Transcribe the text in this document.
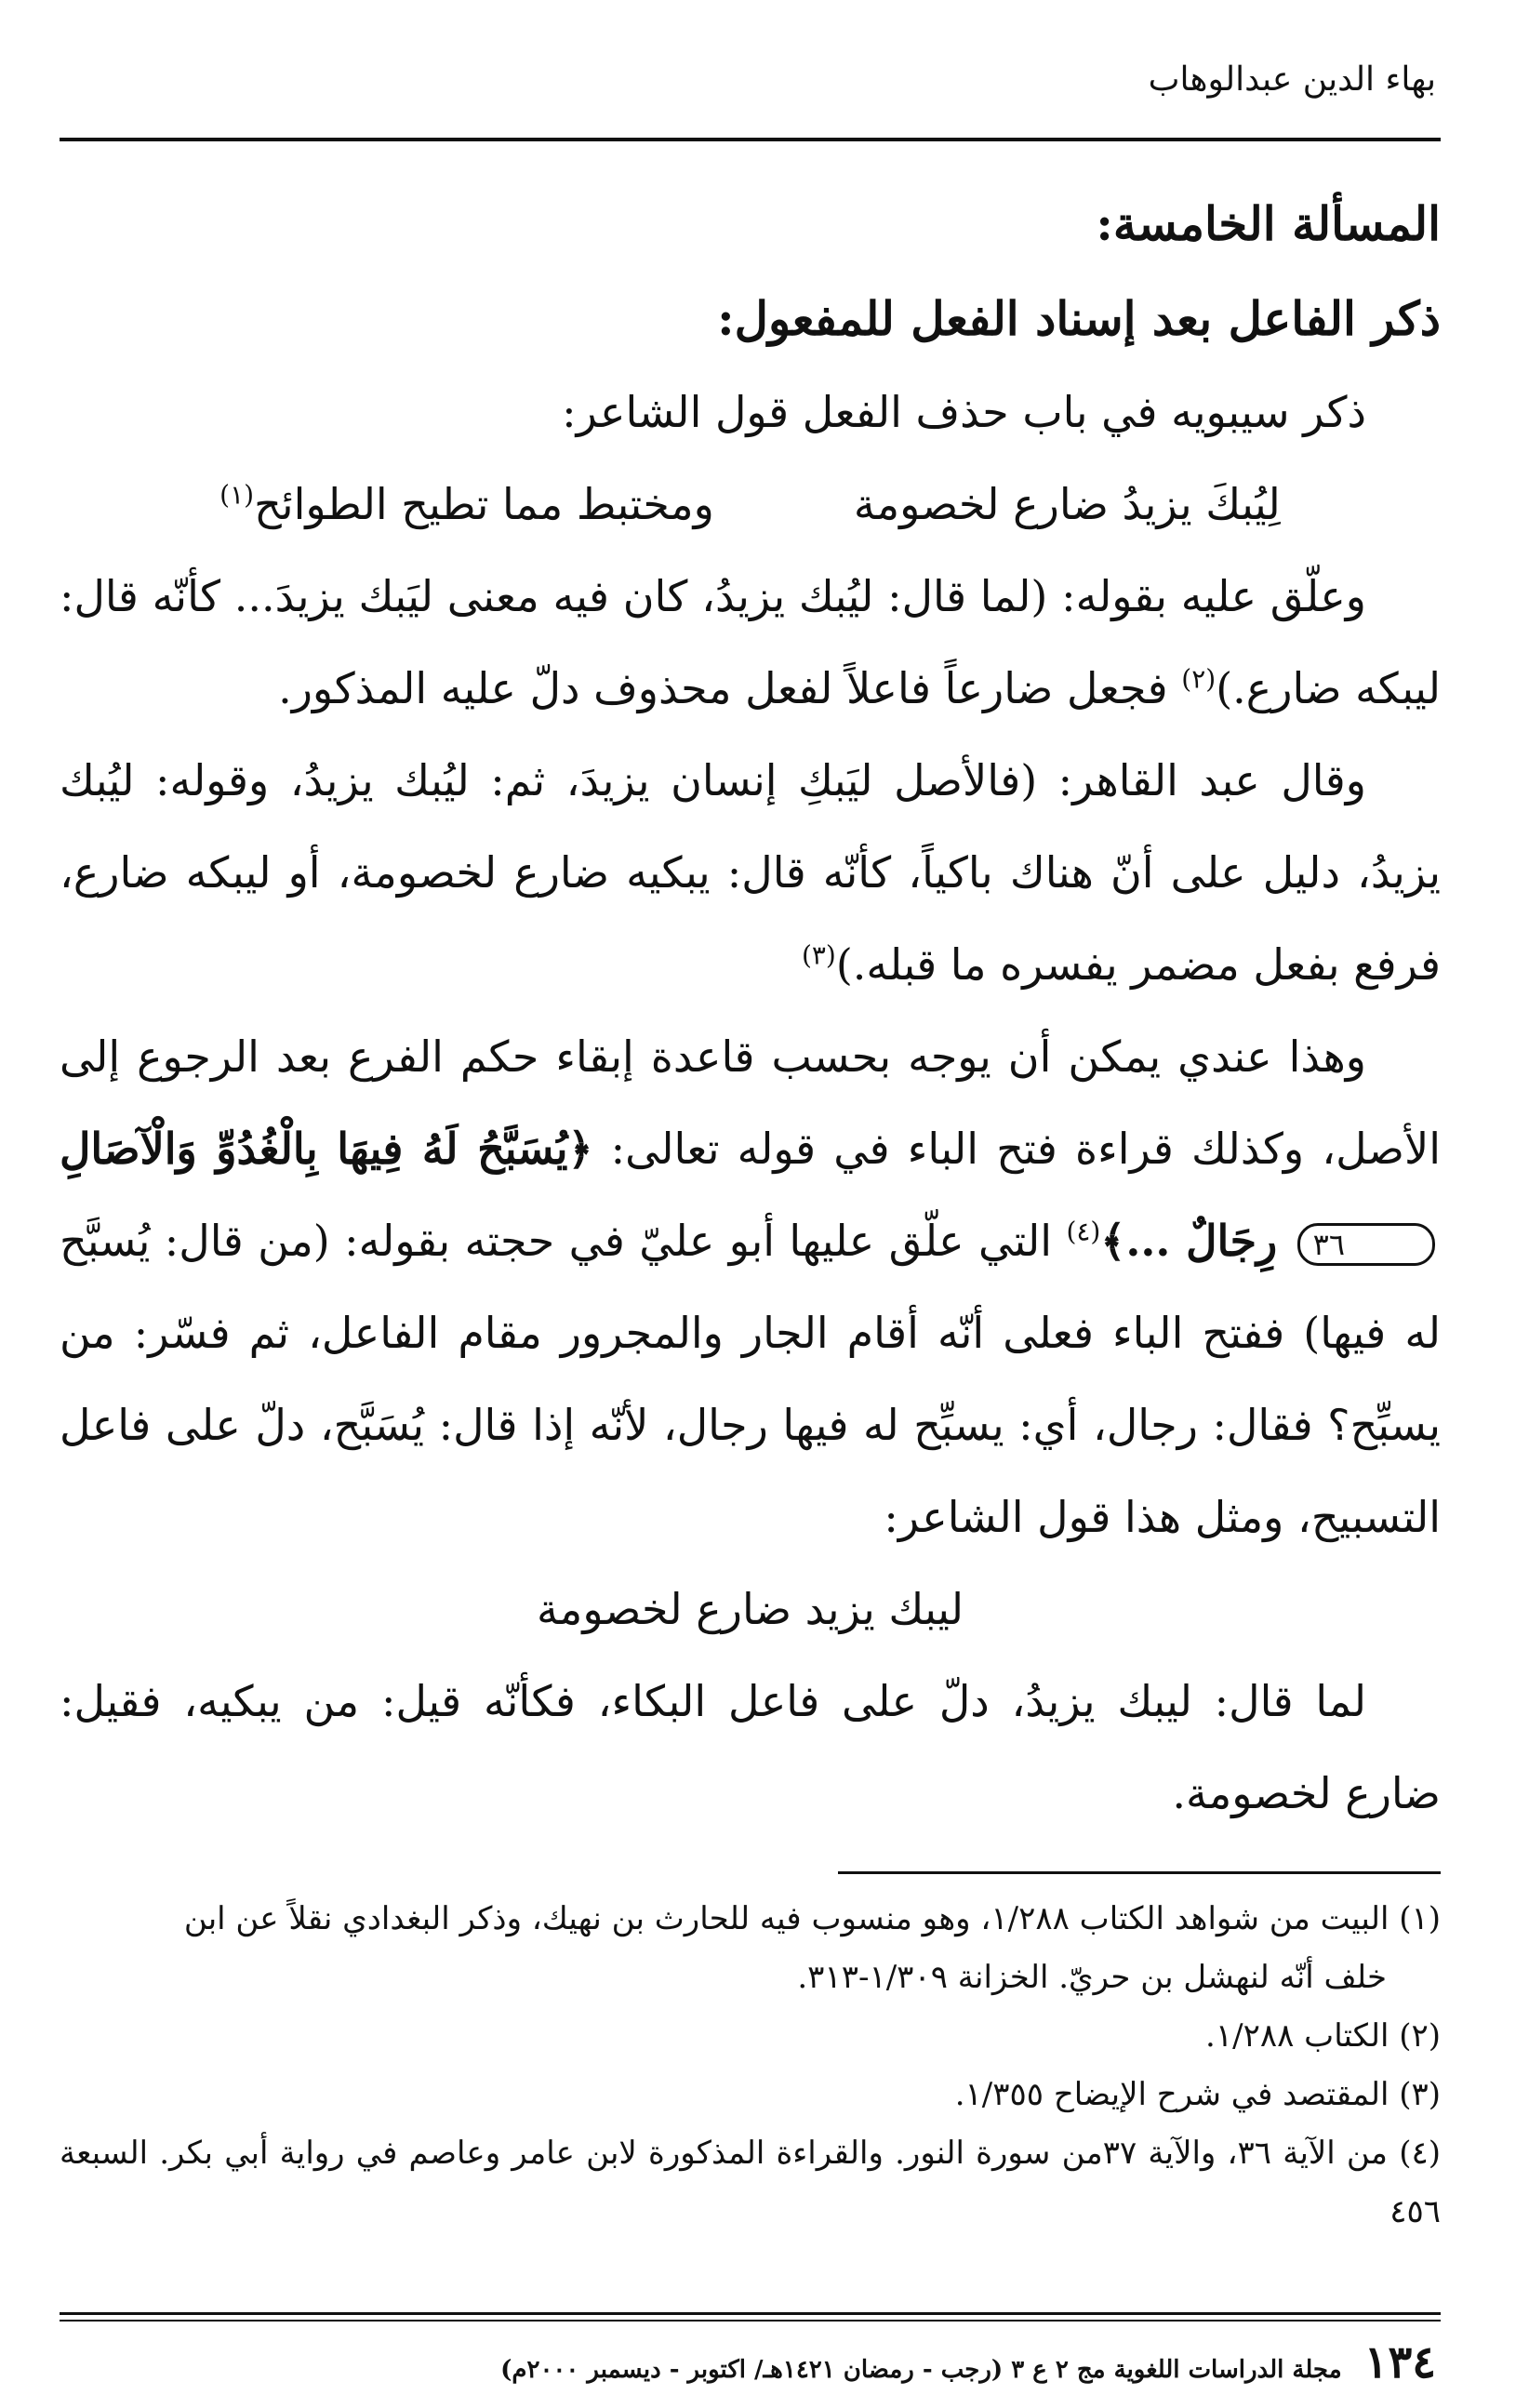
بهاء الدين عبدالوهاب

المسألة الخامسة:

ذكر الفاعل بعد إسناد الفعل للمفعول:

ذكر سيبويه في باب حذف الفعل قول الشاعر:

لِيُبكَ يزيدُ ضارع لخصومة
ومختبط مما تطيح الطوائح$^{(١)}$

وعلّق عليه بقوله: (لما قال: ليُبك يزيدُ، كان فيه معنى ليَبك يزيدَ... كأنّه قال: ليبكه ضارع.)$^{(٢)}$ فجعل ضارعاً فاعلاً لفعل محذوف دلّ عليه المذكور.

وقال عبد القاهر: (فالأصل ليَبكِ إنسان يزيدَ، ثم: ليُبك يزيدُ، وقوله: ليُبك يزيدُ، دليل على أنّ هناك باكياً، كأنّه قال: يبكيه ضارع لخصومة، أو ليبكه ضارع، فرفع بفعل مضمر يفسره ما قبله.)$^{(٣)}$

وهذا عندي يمكن أن يوجه بحسب قاعدة إبقاء حكم الفرع بعد الرجوع إلى الأصل، وكذلك قراءة فتح الباء في قوله تعالى: ﴿يُسَبَّحُ لَهُ فِيهَا بِالْغُدُوِّ وَالْآصَالِ ٣٦ رِجَالٌ ...﴾$^{(٤)}$ التي علّق عليها أبو عليّ في حجته بقوله: (من قال: يُسبَّح له فيها) ففتح الباء فعلى أنّه أقام الجار والمجرور مقام الفاعل، ثم فسّر: من يسبِّح؟ فقال: رجال، أي: يسبِّح له فيها رجال، لأنّه إذا قال: يُسَبَّح، دلّ على فاعل التسبيح، ومثل هذا قول الشاعر:

ليبك يزيد ضارع لخصومة

لما قال: ليبك يزيدُ، دلّ على فاعل البكاء، فكأنّه قيل: من يبكيه، فقيل: ضارع لخصومة.

(١) البيت من شواهد الكتاب ١/٢٨٨، وهو منسوب فيه للحارث بن نهيك، وذكر البغدادي نقلاً عن ابن

خلف أنّه لنهشل بن حريّ. الخزانة ١/٣٠٩-٣١٣.

(٢) الكتاب ١/٢٨٨.

(٣) المقتصد في شرح الإيضاح ١/٣٥٥.

(٤) من الآية ٣٦، والآية ٣٧من سورة النور. والقراءة المذكورة لابن عامر وعاصم في رواية أبي بكر. السبعة ٤٥٦

١٣٤
مجلة الدراسات اللغوية مج ٢ ع ٣ (رجب - رمضان ١٤٢١هـ/ اكتوبر - ديسمبر ٢٠٠٠م)
